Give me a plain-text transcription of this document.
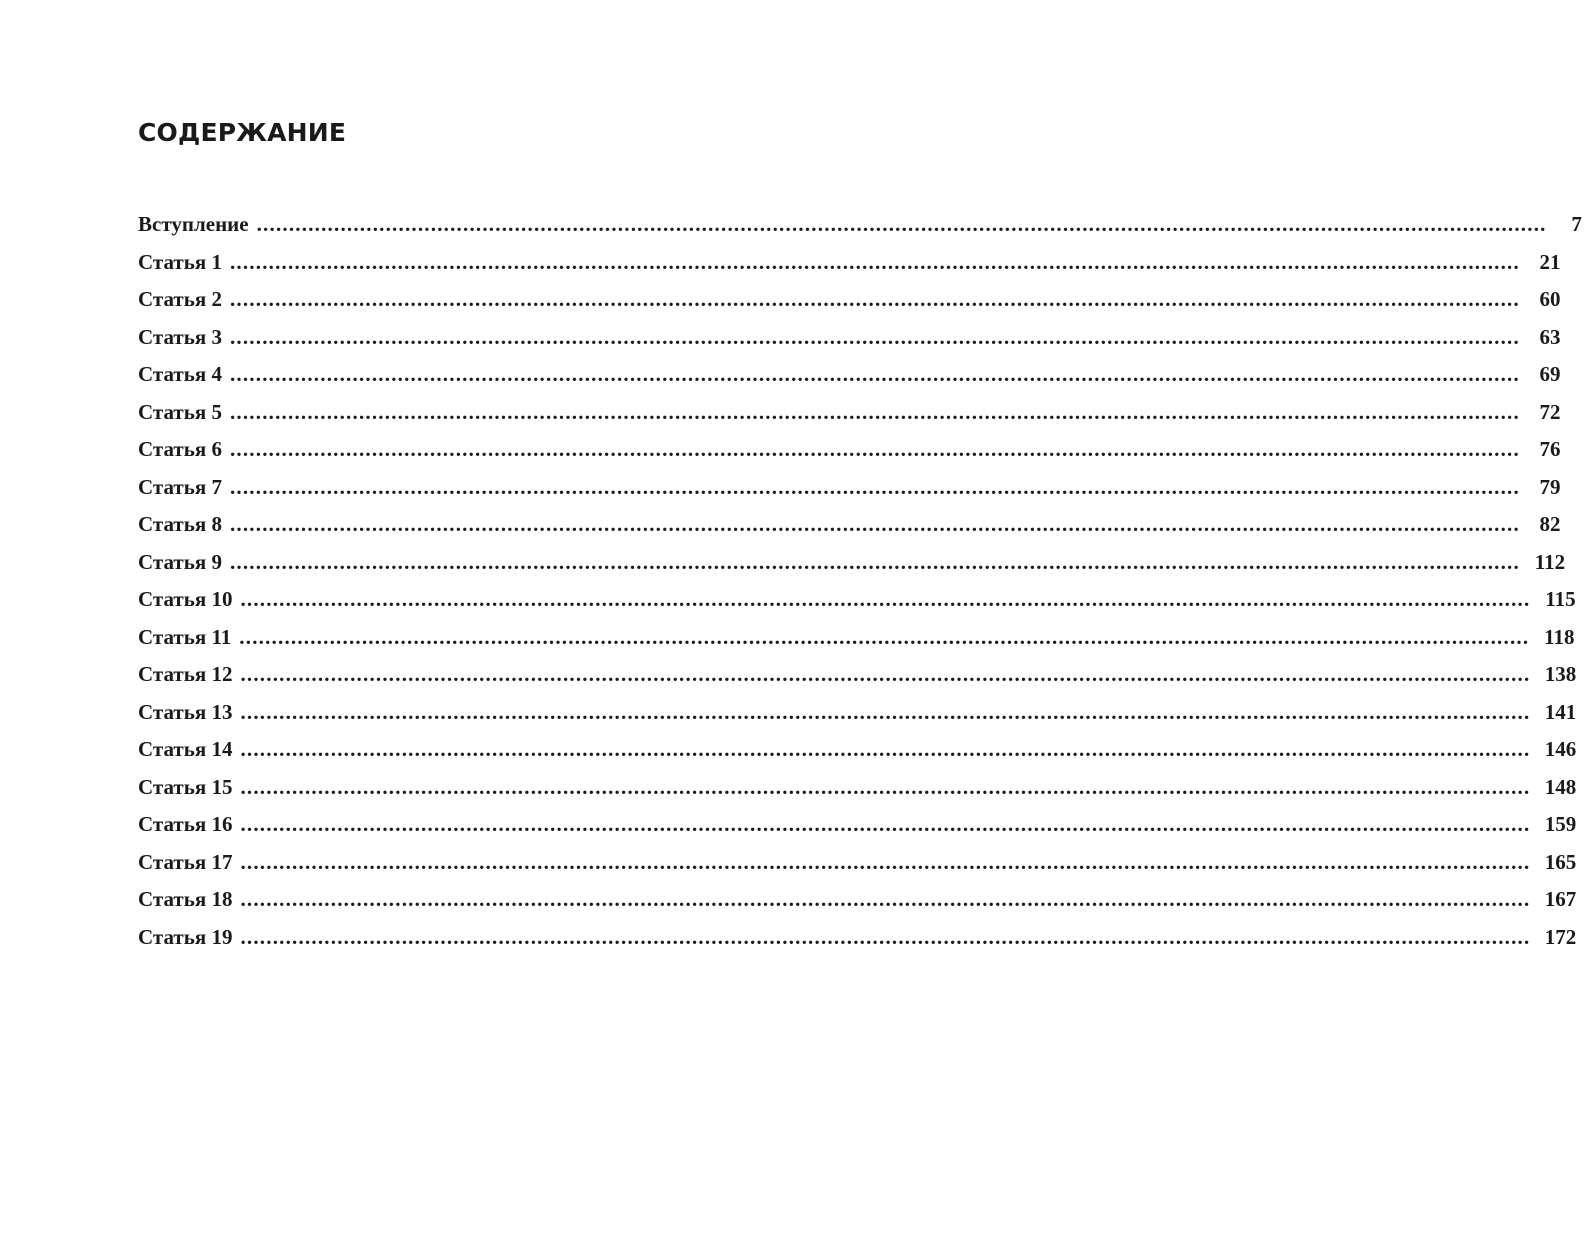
СОДЕРЖАНИЕ
Вступление ........................................................................................................................................................................................................	7
Статья 1 ........................................................................................................................................................................................................ 21
Статья 2 ........................................................................................................................................................................................................ 60
Статья 3 ........................................................................................................................................................................................................ 63
Статья 4 ........................................................................................................................................................................................................ 69
Статья 5 ........................................................................................................................................................................................................ 72
Статья 6 ........................................................................................................................................................................................................ 76
Статья 7 ........................................................................................................................................................................................................ 79
Статья 8 ........................................................................................................................................................................................................ 82
Статья 9 ........................................................................................................................................................................................................ 112
Статья 10 ........................................................................................................................................................................................................ 115
Статья 11 ........................................................................................................................................................................................................ 118
Статья 12 ........................................................................................................................................................................................................ 138
Статья 13 ........................................................................................................................................................................................................ 141
Статья 14 ........................................................................................................................................................................................................ 146
Статья 15 ........................................................................................................................................................................................................ 148
Статья 16 ........................................................................................................................................................................................................ 159
Статья 17 ........................................................................................................................................................................................................ 165
Статья 18 ........................................................................................................................................................................................................ 167
Статья 19 ........................................................................................................................................................................................................ 172
